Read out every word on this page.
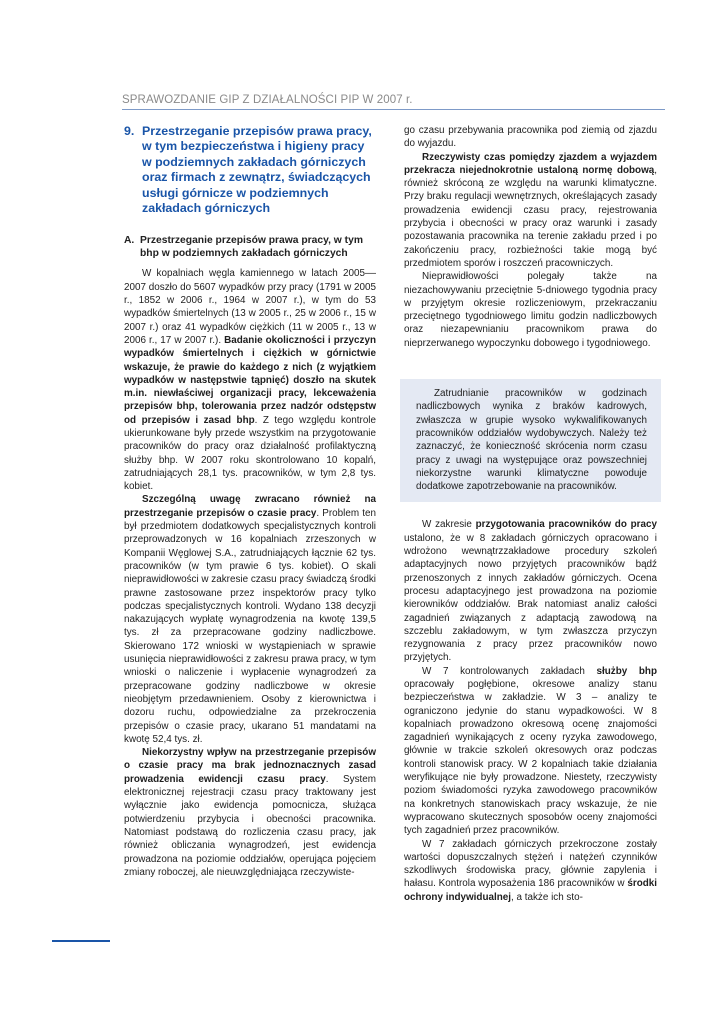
SPRAWOZDANIE GIP Z DZIAŁALNOŚCI PIP W 2007 r.
9. Przestrzeganie przepisów prawa pracy, w tym bezpieczeństwa i higieny pracy w podziemnych zakładach górniczych oraz firmach z zewnątrz, świadczących usługi górnicze w podziemnych zakładach górniczych
A. Przestrzeganie przepisów prawa pracy, w tym bhp w podziemnych zakładach górniczych

W kopalniach węgla kamiennego w latach 2005––2007 doszło do 5607 wypadków przy pracy (1791 w 2005 r., 1852 w 2006 r., 1964 w 2007 r.), w tym do 53 wypadków śmiertelnych (13 w 2005 r., 25 w 2006 r., 15 w 2007 r.) oraz 41 wypadków ciężkich (11 w 2005 r., 13 w 2006 r., 17 w 2007 r.). Badanie okoliczności i przyczyn wypadków śmiertelnych i ciężkich w górnictwie wskazuje, że prawie do każdego z nich (z wyjątkiem wypadków w następstwie tąpnięć) doszło na skutek m.in. niewłaściwej organizacji pracy, lekceważenia przepisów bhp, tolerowania przez nadzór odstępstw od przepisów i zasad bhp. Z tego względu kontrole ukierunkowane były przede wszystkim na przygotowanie pracowników do pracy oraz działalność profilaktyczną służby bhp. W 2007 roku skontrolowano 10 kopalń, zatrudniających 28,1 tys. pracowników, w tym 2,8 tys. kobiet.

Szczególną uwagę zwracano również na przestrzeganie przepisów o czasie pracy. Problem ten był przedmiotem dodatkowych specjalistycznych kontroli przeprowadzonych w 16 kopalniach zrzeszonych w Kompanii Węglowej S.A., zatrudniających łącznie 62 tys. pracowników (w tym prawie 6 tys. kobiet). O skali nieprawidłowości w zakresie czasu pracy świadczą środki prawne zastosowane przez inspektorów pracy tylko podczas specjalistycznych kontroli. Wydano 138 decyzji nakazujących wypłatę wynagrodzenia na kwotę 139,5 tys. zł za przepracowane godziny nadliczbowe. Skierowano 172 wnioski w wystąpieniach w sprawie usunięcia nieprawidłowości z zakresu prawa pracy, w tym wnioski o naliczenie i wypłacenie wynagrodzeń za przepracowane godziny nadliczbowe w okresie nieobjętym przedawnieniem. Osoby z kierownictwa i dozoru ruchu, odpowiedzialne za przekroczenia przepisów o czasie pracy, ukarano 51 mandatami na kwotę 52,4 tys. zł.

Niekorzystny wpływ na przestrzeganie przepisów o czasie pracy ma brak jednoznacznych zasad prowadzenia ewidencji czasu pracy. System elektronicznej rejestracji czasu pracy traktowany jest wyłącznie jako ewidencja pomocnicza, służąca potwierdzeniu przybycia i obecności pracownika. Natomiast podstawą do rozliczenia czasu pracy, jak również obliczania wynagrodzeń, jest ewidencja prowadzona na poziomie oddziałów, operująca pojęciem zmiany roboczej, ale nieuwzględniająca rzeczywiste-

go czasu przebywania pracownika pod ziemią od zjazdu do wyjazdu.

Rzeczywisty czas pomiędzy zjazdem a wyjazdem przekracza niejednokrotnie ustaloną normę dobową, również skróconą ze względu na warunki klimatyczne. Przy braku regulacji wewnętrznych, określających zasady prowadzenia ewidencji czasu pracy, rejestrowania przybycia i obecności w pracy oraz warunki i zasady pozostawania pracownika na terenie zakładu przed i po zakończeniu pracy, rozbieżności takie mogą być przedmiotem sporów i roszczeń pracowniczych.

Nieprawidłowości polegały także na niezachowywaniu przeciętnie 5-dniowego tygodnia pracy w przyjętym okresie rozliczeniowym, przekraczaniu przeciętnego tygodniowego limitu godzin nadliczbowych oraz niezapewnianiu pracownikom prawa do nieprzerwanego wypoczynku dobowego i tygodniowego.

Zatrudnianie pracowników w godzinach nadliczbowych wynika z braków kadrowych, zwłaszcza w grupie wysoko wykwalifikowanych pracowników oddziałów wydobywczych. Należy też zaznaczyć, że konieczność skrócenia norm czasu pracy z uwagi na występujące oraz powszechniej niekorzystne warunki klimatyczne powoduje dodatkowe zapotrzebowanie na pracowników.

W zakresie przygotowania pracowników do pracy ustalono, że w 8 zakładach górniczych opracowano i wdrożono wewnątrzzakładowe procedury szkoleń adaptacyjnych nowo przyjętych pracowników bądź przenoszonych z innych zakładów górniczych. Ocena procesu adaptacyjnego jest prowadzona na poziomie kierowników oddziałów. Brak natomiast analiz całości zagadnień związanych z adaptacją zawodową na szczeblu zakładowym, w tym zwłaszcza przyczyn rezygnowania z pracy przez pracowników nowo przyjętych.

W 7 kontrolowanych zakładach służby bhp opracowały pogłębione, okresowe analizy stanu bezpieczeństwa w zakładzie. W 3 – analizy te ograniczono jedynie do stanu wypadkowości. W 8 kopalniach prowadzono okresową ocenę znajomości zagadnień wynikających z oceny ryzyka zawodowego, głównie w trakcie szkoleń okresowych oraz podczas kontroli stanowisk pracy. W 2 kopalniach takie działania weryfikujące nie były prowadzone. Niestety, rzeczywisty poziom świadomości ryzyka zawodowego pracowników na konkretnych stanowiskach pracy wskazuje, że nie wypracowano skutecznych sposobów oceny znajomości tych zagadnień przez pracowników.

W 7 zakładach górniczych przekroczone zostały wartości dopuszczalnych stężeń i natężeń czynników szkodliwych środowiska pracy, głównie zapylenia i hałasu. Kontrola wyposażenia 186 pracowników w środki ochrony indywidualnej, a także ich sto-
